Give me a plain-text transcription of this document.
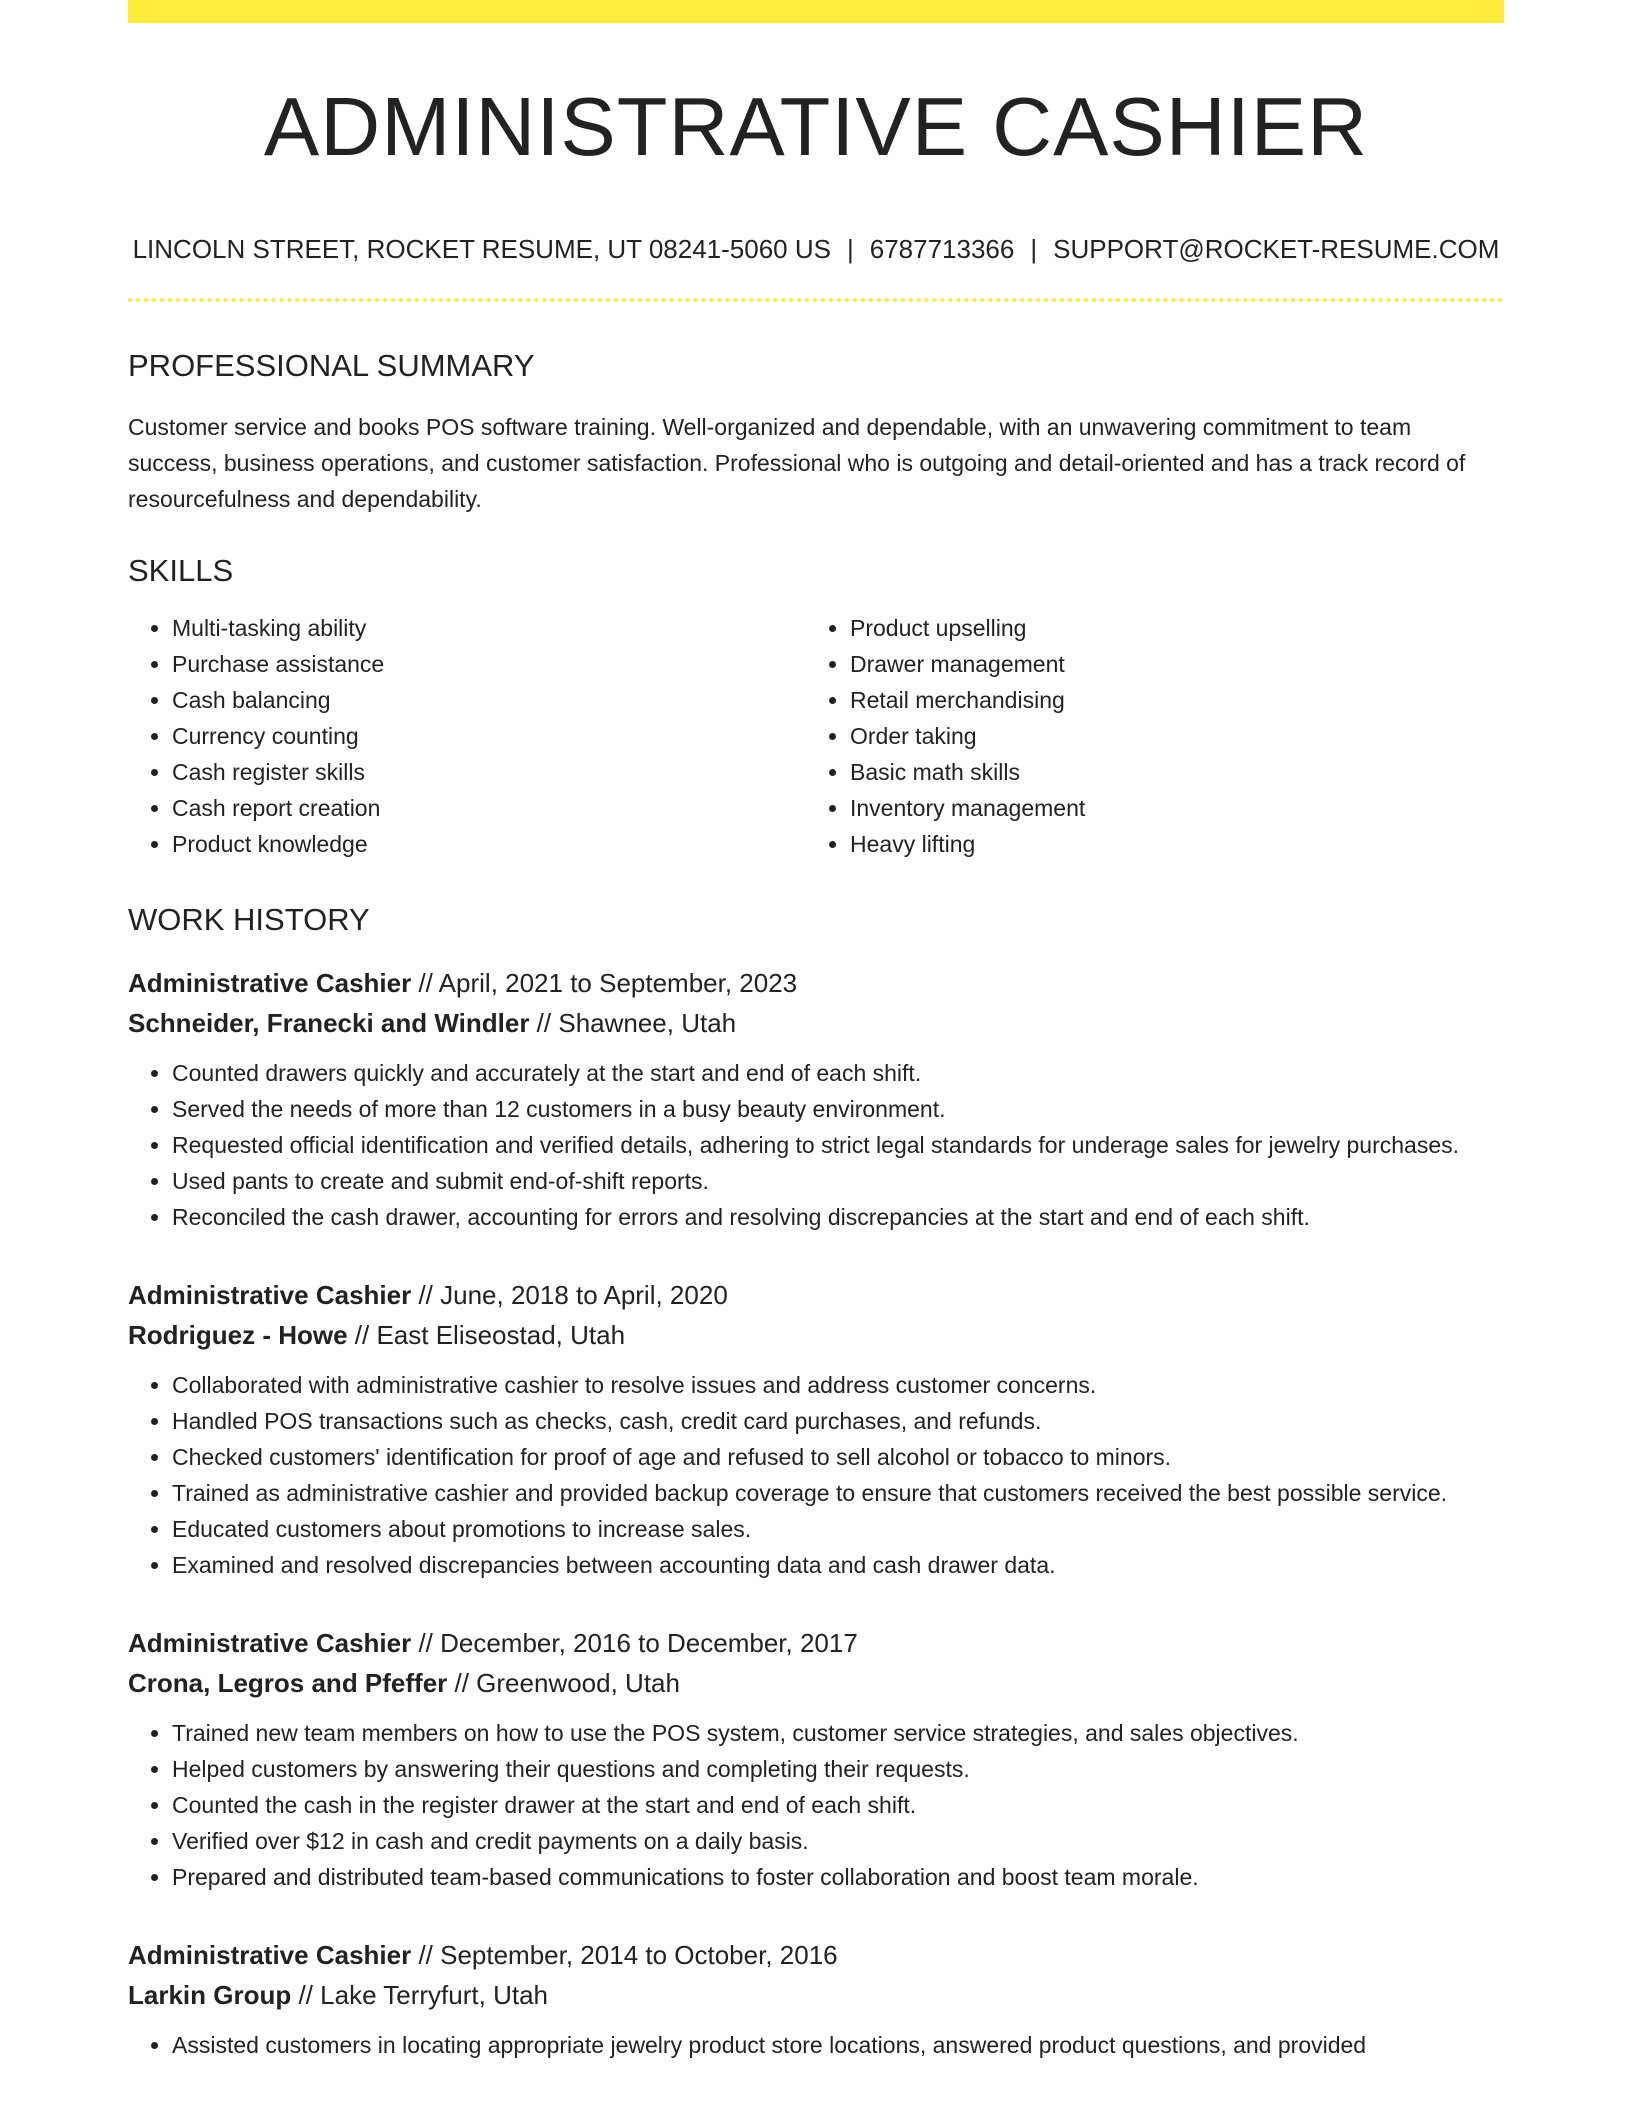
ADMINISTRATIVE CASHIER
LINCOLN STREET, ROCKET RESUME, UT 08241-5060 US | 6787713366 | SUPPORT@ROCKET-RESUME.COM
PROFESSIONAL SUMMARY
Customer service and books POS software training. Well-organized and dependable, with an unwavering commitment to team success, business operations, and customer satisfaction. Professional who is outgoing and detail-oriented and has a track record of resourcefulness and dependability.
SKILLS
• Multi-tasking ability
• Purchase assistance
• Cash balancing
• Currency counting
• Cash register skills
• Cash report creation
• Product knowledge
• Product upselling
• Drawer management
• Retail merchandising
• Order taking
• Basic math skills
• Inventory management
• Heavy lifting
WORK HISTORY
Administrative Cashier // April, 2021 to September, 2023
Schneider, Franecki and Windler // Shawnee, Utah
• Counted drawers quickly and accurately at the start and end of each shift.
• Served the needs of more than 12 customers in a busy beauty environment.
• Requested official identification and verified details, adhering to strict legal standards for underage sales for jewelry purchases.
• Used pants to create and submit end-of-shift reports.
• Reconciled the cash drawer, accounting for errors and resolving discrepancies at the start and end of each shift.
Administrative Cashier // June, 2018 to April, 2020
Rodriguez - Howe // East Eliseostad, Utah
• Collaborated with administrative cashier to resolve issues and address customer concerns.
• Handled POS transactions such as checks, cash, credit card purchases, and refunds.
• Checked customers' identification for proof of age and refused to sell alcohol or tobacco to minors.
• Trained as administrative cashier and provided backup coverage to ensure that customers received the best possible service.
• Educated customers about promotions to increase sales.
• Examined and resolved discrepancies between accounting data and cash drawer data.
Administrative Cashier // December, 2016 to December, 2017
Crona, Legros and Pfeffer // Greenwood, Utah
• Trained new team members on how to use the POS system, customer service strategies, and sales objectives.
• Helped customers by answering their questions and completing their requests.
• Counted the cash in the register drawer at the start and end of each shift.
• Verified over $12 in cash and credit payments on a daily basis.
• Prepared and distributed team-based communications to foster collaboration and boost team morale.
Administrative Cashier // September, 2014 to October, 2016
Larkin Group // Lake Terryfurt, Utah
• Assisted customers in locating appropriate jewelry product store locations, answered product questions, and provided
